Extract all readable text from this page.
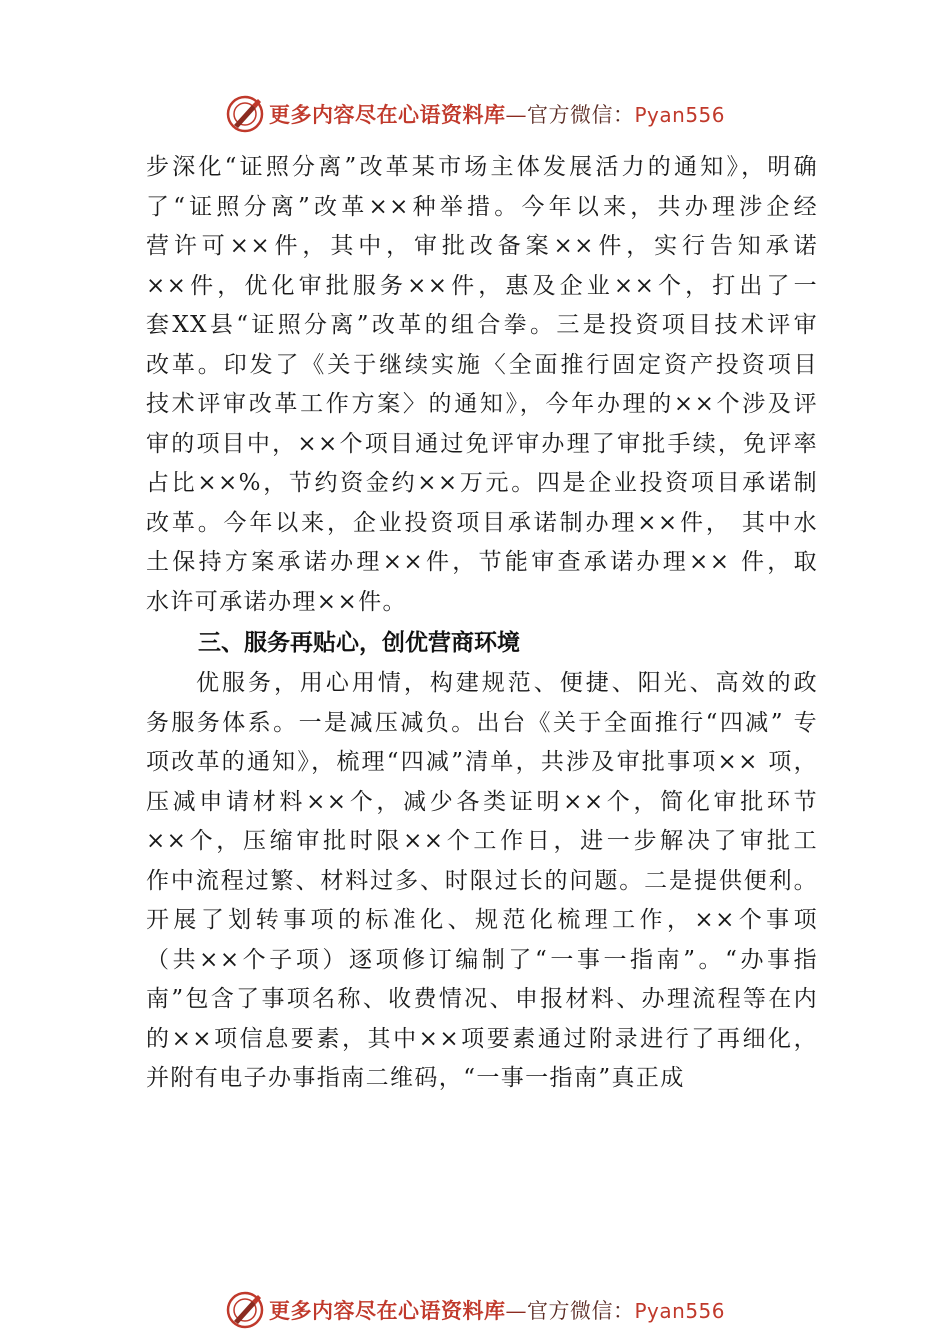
更多内容尽在心语资料库—官方微信：Pyan556
步深化“证照分离”改革某市场主体发展活力的通知》，明确
了“证照分离”改革××种举措。今年以来，共办理涉企经
营许可××件，其中，审批改备案××件，实行告知承诺
××件，优化审批服务××件，惠及企业××个，打出了一
套XX县“证照分离”改革的组合拳。三是投资项目技术评审
改革。印发了《关于继续实施〈全面推行固定资产投资项目
技术评审改革工作方案〉的通知》，今年办理的××个涉及评
审的项目中，××个项目通过免评审办理了审批手续，免评率
占比××%，节约资金约××万元。四是企业投资项目承诺制
改革。今年以来，企业投资项目承诺制办理××件， 其中水
土保持方案承诺办理××件，节能审查承诺办理×× 件，取
水许可承诺办理××件。
三、服务再贴心，创优营商环境
优服务，用心用情，构建规范、便捷、阳光、高效的政
务服务体系。一是减压减负。出台《关于全面推行“四减” 专
项改革的通知》，梳理“四减”清单，共涉及审批事项×× 项，
压减申请材料××个，减少各类证明××个，简化审批环节
××个，压缩审批时限××个工作日，进一步解决了审批工
作中流程过繁、材料过多、时限过长的问题。二是提供便利。
开展了划转事项的标准化、规范化梳理工作，××个事项
（共××个子项）逐项修订编制了“一事一指南”。“办事指
南”包含了事项名称、收费情况、申报材料、办理流程等在内
的××项信息要素，其中××项要素通过附录进行了再细化，
并附有电子办事指南二维码，“一事一指南”真正成
更多内容尽在心语资料库—官方微信：Pyan556
